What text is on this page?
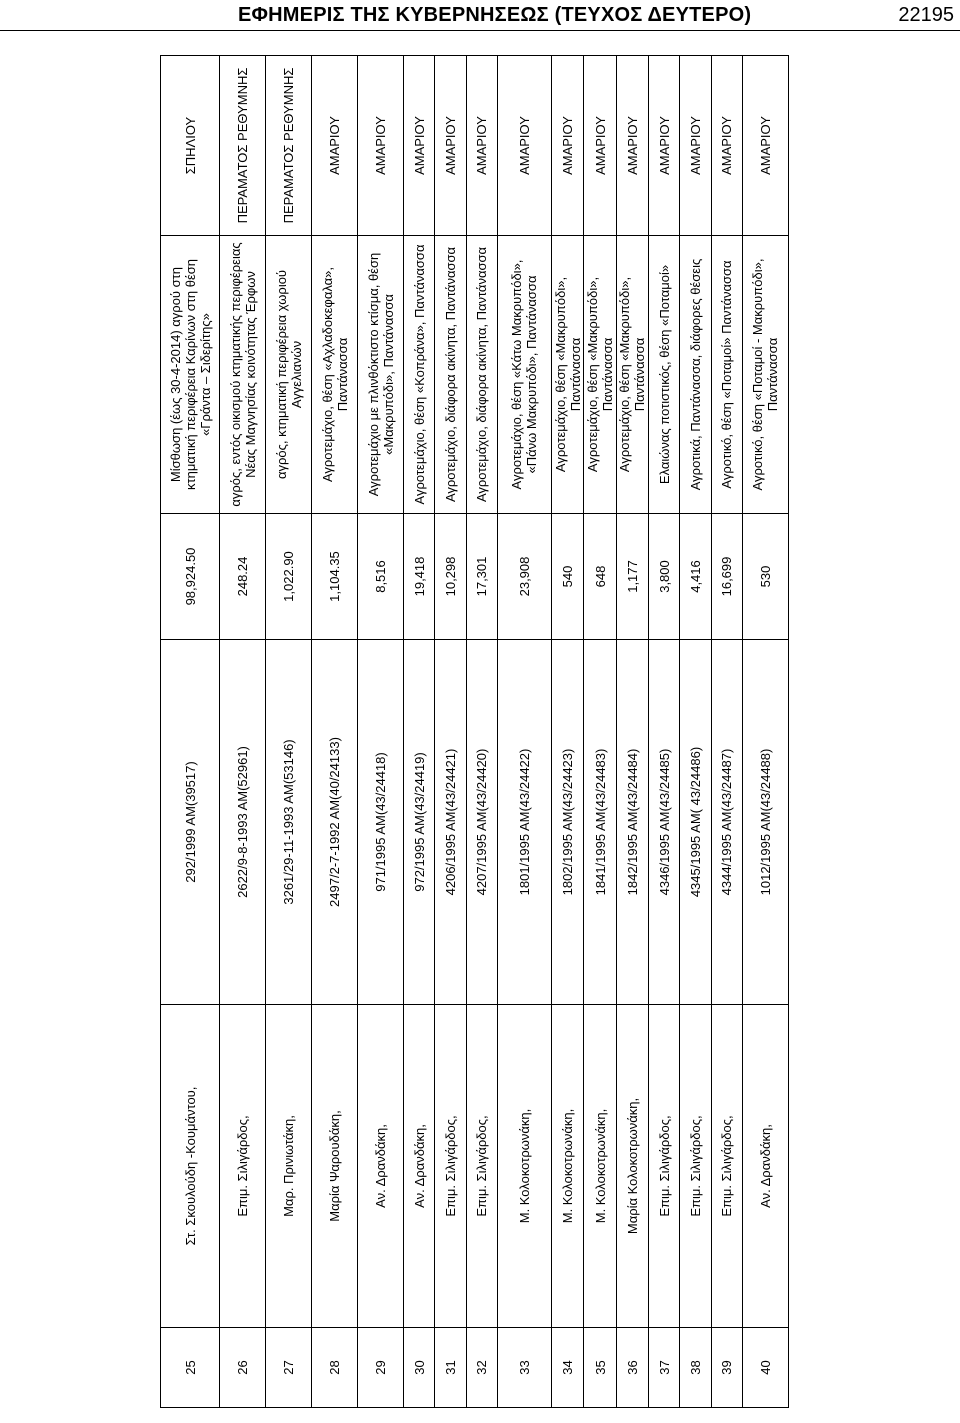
ΕΦΗΜΕΡΙΣ ΤΗΣ ΚΥΒΕΡΝΗΣΕΩΣ (ΤΕΥΧΟΣ ΔΕΥΤΕΡΟ)	22195
25	Στ. Σκουλούδη -Κουμάντου,	292/1999 ΑΜ(39517)	98,924.50	Μίσθωση (έως 30-4-2014) αγρού στη κτηματική περιφέρεια Καρίνων στη θέση «Γράντα – Σιδερίτης»	ΣΠΗΛΙΟΥ
26	Επιμ. Σιλιγάρδος,	2622/9-8-1993 ΑΜ(52961)	248.24	αγρός, εντός οικισμού κτηματικής περιφέρειας Νέας Μαγνησίας κοινότητας Έρφων	ΠΕΡΑΜΑΤΟΣ ΡΕΘΥΜΝΗΣ
27	Μαρ. Πρινιωτάκη,	3261/29-11-1993 ΑΜ(53146)	1,022.90	αγρός, κτηματική περιφέρεια χωριού Αγγελιανών	ΠΕΡΑΜΑΤΟΣ ΡΕΘΥΜΝΗΣ
28	Μαρία Ψαρουδάκη,	2497/2-7-1992 ΑΜ(40/24133)	1,104.35	Αγροτεμάχιο, θέση «Αχλαδοκεφαλα», Παντάνασσα	ΑΜΑΡΙΟΥ
29	Αν. Δρανδάκη,	971/1995 ΑΜ(43/24418)	8,516	Αγροτεμάχιο με πλινθόκτιστο κτίσμα, θέση «Μακρυπόδι», Παντάνασσα	ΑΜΑΡΙΟΥ
30	Αν. Δρανδάκη,	972/1995 ΑΜ(43/24419)	19,418	Αγροτεμάχιο, θέση «Κοπράνα», Παντάνασσα	ΑΜΑΡΙΟΥ
31	Επιμ. Σιλιγάρδος,	4206/1995 ΑΜ(43/24421)	10,298	Αγροτεμάχιο, διάφορα ακίνητα, Παντάνασσα	ΑΜΑΡΙΟΥ
32	Επιμ. Σιλιγάρδος,	4207/1995 ΑΜ(43/24420)	17,301	Αγροτεμάχιο, διάφορα ακίνητα, Παντάνασσα	ΑΜΑΡΙΟΥ
33	Μ. Κολοκοτρωνάκη,	1801/1995 ΑΜ(43/24422)	23,908	Αγροτεμάχιο, θέση «Κάτω Μακρυπόδι», «Πάνω Μακρυπόδι», Παντάνασσα	ΑΜΑΡΙΟΥ
34	Μ. Κολοκοτρωνάκη,	1802/1995 ΑΜ(43/24423)	540	Αγροτεμάχιο, θέση «Μακρυπόδι», Παντάνασσα	ΑΜΑΡΙΟΥ
35	Μ. Κολοκοτρωνάκη,	1841/1995 ΑΜ(43/24483)	648	Αγροτεμάχιο, θέση «Μακρυπόδι», Παντάνασσα	ΑΜΑΡΙΟΥ
36	Μαρία Κολοκοτρωνάκη,	1842/1995 ΑΜ(43/24484)	1,177	Αγροτεμάχιο, θέση «Μακρυπόδι», Παντάνασσα	ΑΜΑΡΙΟΥ
37	Επιμ. Σιλιγάρδος,	4346/1995 ΑΜ(43/24485)	3,800	Ελαιώνας ποτιστικός, θέση «Ποταμοί»	ΑΜΑΡΙΟΥ
38	Επιμ. Σιλιγάρδος,	4345/1995 ΑΜ( 43/24486)	4,416	Αγροτικά, Παντάνασσα, διάφορες θέσεις	ΑΜΑΡΙΟΥ
39	Επιμ. Σιλιγάρδος,	4344/1995 ΑΜ(43/24487)	16,699	Αγροτικό, θέση «Ποταμοί» Παντάνασσα	ΑΜΑΡΙΟΥ
40	Αν. Δρανδάκη,	1012/1995 ΑΜ(43/24488)	530	Αγροτικό, θέση «Ποταμοί - Μακρυπόδι», Παντάνασσα	ΑΜΑΡΙΟΥ
